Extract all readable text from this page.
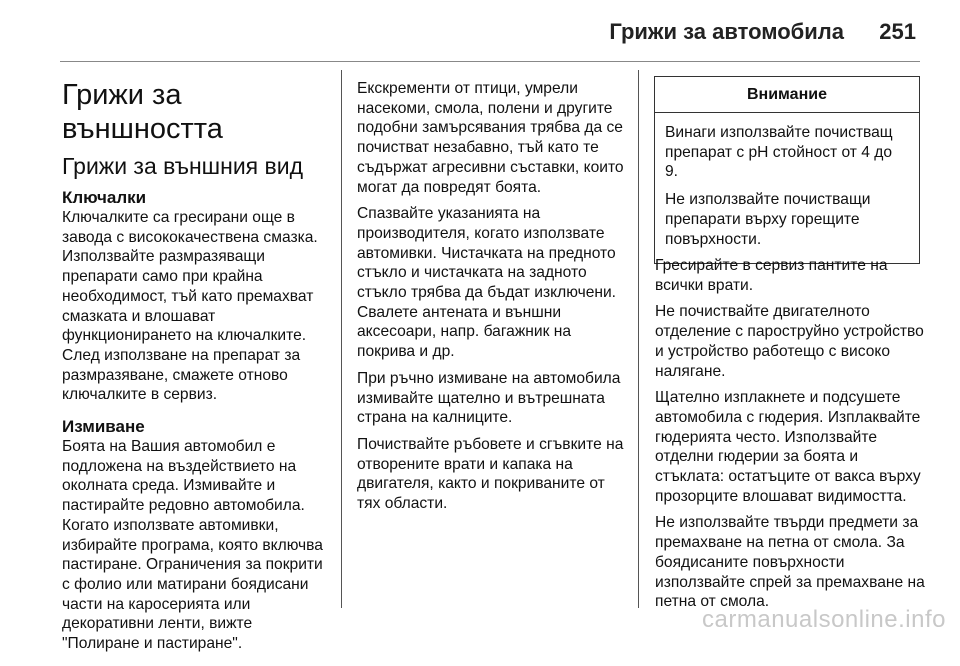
Грижи за автомобила 251
Грижи за външността
Грижи за външния вид
Ключалки

Ключалките са гресирани още в завода с висококачествена смазка. Използвайте размразяващи препарати само при крайна необходимост, тъй като премахват смазката и влошават функционирането на ключалките. След използване на препарат за размразяване, смажете отново ключалките в сервиз.

Измиване

Боята на Вашия автомобил е подложена на въздействието на околната среда. Измивайте и пастирайте редовно автомобила. Когато използвате автомивки, избирайте програма, която включва пастиране. Ограничения за покрити с фолио или матирани боядисани части на каросерията или декоративни ленти, вижте "Полиране и пастиране".

Екскременти от птици, умрели насекоми, смола, полени и другите подобни замърсявания трябва да се почистват незабавно, тъй като те съдържат агресивни съставки, които могат да повредят боята.

Спазвайте указанията на производителя, когато използвате автомивки. Чистачката на предното стъкло и чистачката на задното стъкло трябва да бъдат изключени. Свалете антената и външни аксесоари, напр. багажник на покрива и др.

При ръчно измиване на автомобила измивайте щателно и вътрешната страна на калниците.

Почиствайте ръбовете и сгъвките на отворените врати и капака на двигателя, както и покриваните от тях области.

Внимание

Винаги използвайте почистващ препарат с pH стойност от 4 до 9.

Не използвайте почистващи препарати върху горещите повърхности.

Гресирайте в сервиз пантите на всички врати.

Не почиствайте двигателното отделение с пароструйно устройство и устройство работещо с високо налягане.

Щателно изплакнете и подсушете автомобила с гюдерия. Изплаквайте гюдерията често. Използвайте отделни гюдерии за боята и стъклата: остатъците от вакса върху прозорците влошават видимостта.

Не използвайте твърди предмети за премахване на петна от смола. За боядисаните повърхности използвайте спрей за премахване на петна от смола.

carmanualsonline.info
